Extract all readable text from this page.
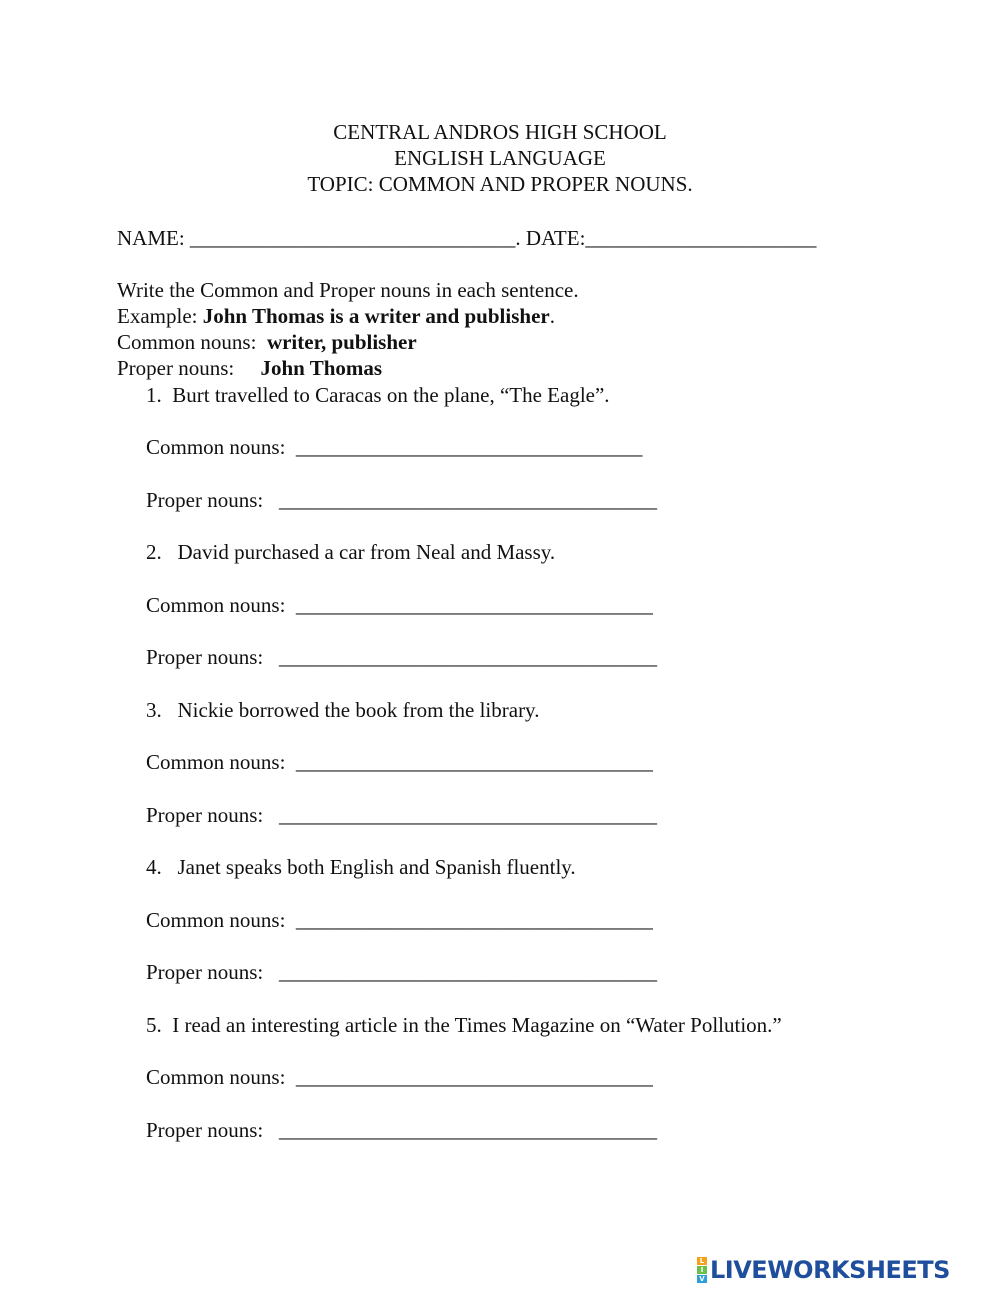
CENTRAL ANDROS HIGH SCHOOL
ENGLISH LANGUAGE
TOPIC: COMMON AND PROPER NOUNS.
NAME: _______________________________. DATE:______________________
Write the Common and Proper nouns in each sentence.
Example: John Thomas is a writer and publisher.
Common nouns:  writer, publisher
Proper nouns:     John Thomas
1.  Burt travelled to Caracas on the plane, “The Eagle”.
Common nouns:  _________________________________
Proper nouns:   ____________________________________
2.   David purchased a car from Neal and Massy.
Common nouns:  __________________________________
Proper nouns:   ____________________________________
3.   Nickie borrowed the book from the library.
Common nouns:  __________________________________
Proper nouns:   ____________________________________
4.   Janet speaks both English and Spanish fluently.
Common nouns:  __________________________________
Proper nouns:   ____________________________________
5.  I read an interesting article in the Times Magazine on “Water Pollution.”
Common nouns:  __________________________________
Proper nouns:   ____________________________________
L
I
V LIVEWORKSHEETS
